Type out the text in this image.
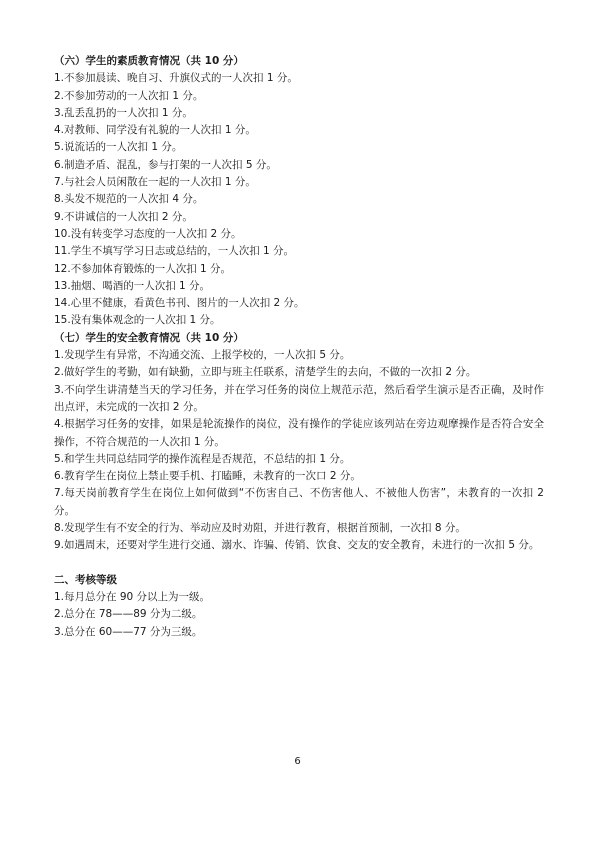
（六）学生的素质教育情况（共 10 分）
1.不参加晨读、晚自习、升旗仪式的一人次扣 1 分。
2.不参加劳动的一人次扣 1 分。
3.乱丢乱扔的一人次扣 1 分。
4.对教师、同学没有礼貌的一人次扣 1 分。
5.说流话的一人次扣 1 分。
6.制造矛盾、混乱，参与打架的一人次扣 5 分。
7.与社会人员闲散在一起的一人次扣 1 分。
8.头发不规范的一人次扣 4 分。
9.不讲诚信的一人次扣 2 分。
10.没有转变学习态度的一人次扣 2 分。
11.学生不填写学习日志或总结的，一人次扣 1 分。
12.不参加体育锻炼的一人次扣 1 分。
13.抽烟、喝酒的一人次扣 1 分。
14.心里不健康，看黄色书刊、图片的一人次扣 2 分。
15.没有集体观念的一人次扣 1 分。
（七）学生的安全教育情况（共 10 分）
1.发现学生有异常，不沟通交流、上报学校的，一人次扣 5 分。
2.做好学生的考勤，如有缺勤，立即与班主任联系，清楚学生的去向，不做的一次扣 2 分。
3.不向学生讲清楚当天的学习任务，并在学习任务的岗位上规范示范，然后看学生演示是否正确，及时作出点评，未完成的一次扣 2 分。
4.根据学习任务的安排，如果是轮流操作的岗位，没有操作的学徒应该列站在旁边观摩操作是否符合安全操作，不符合规范的一人次扣 1 分。
5.和学生共同总结同学的操作流程是否规范，不总结的扣 1 分。
6.教育学生在岗位上禁止要手机、打瞌睡，未教育的一次口 2 分。
7.每天岗前教育学生在岗位上如何做到“不伤害自己、不伤害他人、不被他人伤害”，未教育的一次扣 2 分。
8.发现学生有不安全的行为、举动应及时劝阻，并进行教育，根据首预制，一次扣 8 分。
9.如遇周末，还要对学生进行交通、溺水、诈骗、传销、饮食、交友的安全教育，未进行的一次扣 5 分。
二、考核等级
1.每月总分在 90 分以上为一级。
2.总分在 78——89 分为二级。
3.总分在 60——77 分为三级。
6
